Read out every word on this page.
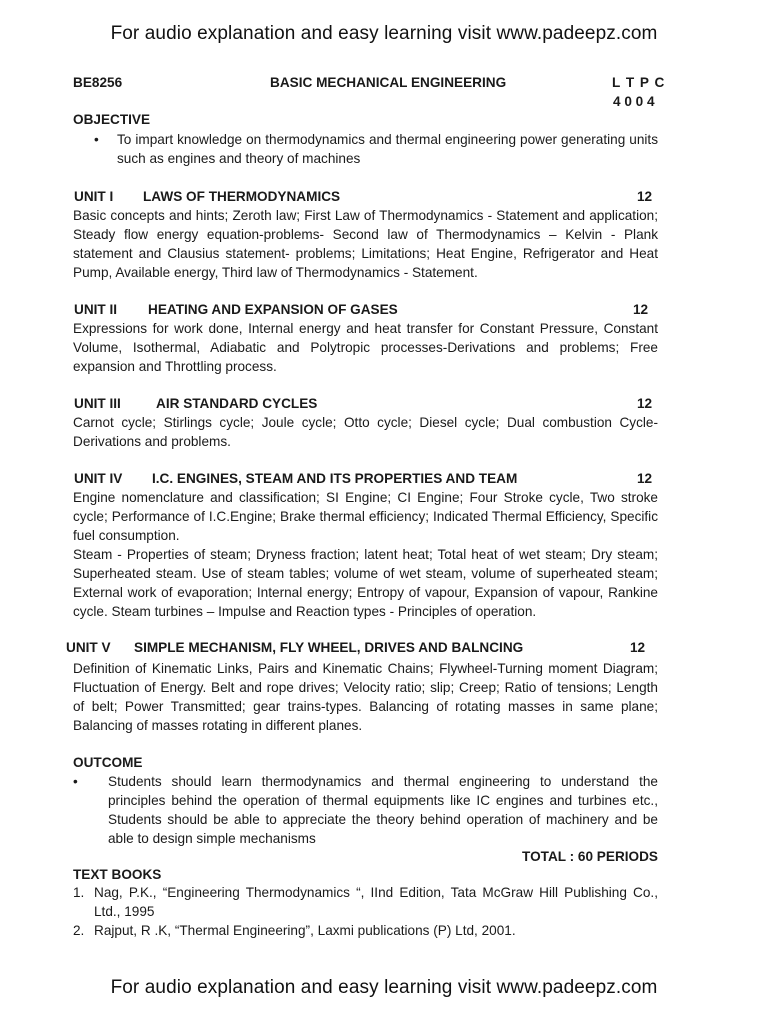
For audio explanation and easy learning visit www.padeepz.com
BE8256	BASIC MECHANICAL ENGINEERING	L T P C
4 0 0 4
OBJECTIVE
• To impart knowledge on thermodynamics and thermal engineering power generating units such as engines and theory of machines
UNIT I LAWS OF THERMODYNAMICS	12

Basic concepts and hints; Zeroth law; First Law of Thermodynamics - Statement and application; Steady flow energy equation-problems- Second law of Thermodynamics – Kelvin - Plank statement and Clausius statement- problems; Limitations; Heat Engine, Refrigerator and Heat Pump, Available energy, Third law of Thermodynamics - Statement.

UNIT II HEATING AND EXPANSION OF GASES	12

Expressions for work done, Internal energy and heat transfer for Constant Pressure, Constant Volume, Isothermal, Adiabatic and Polytropic processes-Derivations and problems; Free expansion and Throttling process.

UNIT III	AIR STANDARD CYCLES	12

Carnot cycle; Stirlings cycle; Joule cycle; Otto cycle; Diesel cycle; Dual combustion Cycle- Derivations and problems.

UNIT IV I.C. ENGINES, STEAM AND ITS PROPERTIES AND TEAM	12

Engine nomenclature and classification; SI Engine; CI Engine; Four Stroke cycle, Two stroke cycle; Performance of I.C.Engine; Brake thermal efficiency; Indicated Thermal Efficiency, Specific fuel consumption.

Steam - Properties of steam; Dryness fraction; latent heat; Total heat of wet steam; Dry steam; Superheated steam. Use of steam tables; volume of wet steam, volume of superheated steam; External work of evaporation; Internal energy; Entropy of vapour, Expansion of vapour, Rankine cycle. Steam turbines – Impulse and Reaction types - Principles of operation.

UNIT V SIMPLE MECHANISM, FLY WHEEL, DRIVES AND BALNCING	12

Definition of Kinematic Links, Pairs and Kinematic Chains; Flywheel-Turning moment Diagram; Fluctuation of Energy. Belt and rope drives; Velocity ratio; slip; Creep; Ratio of tensions; Length of belt; Power Transmitted; gear trains-types. Balancing of rotating masses in same plane; Balancing of masses rotating in different planes.

OUTCOME
• Students should learn thermodynamics and thermal engineering to understand the principles behind the operation of thermal equipments like IC engines and turbines etc., Students should be able to appreciate the theory behind operation of machinery and be able to design simple mechanisms
TOTAL : 60 PERIODS
TEXT BOOKS
1. Nag, P.K., “Engineering Thermodynamics “, IInd Edition, Tata McGraw Hill Publishing Co., Ltd., 1995
2. Rajput, R .K, “Thermal Engineering”, Laxmi publications (P) Ltd, 2001.
For audio explanation and easy learning visit www.padeepz.com
